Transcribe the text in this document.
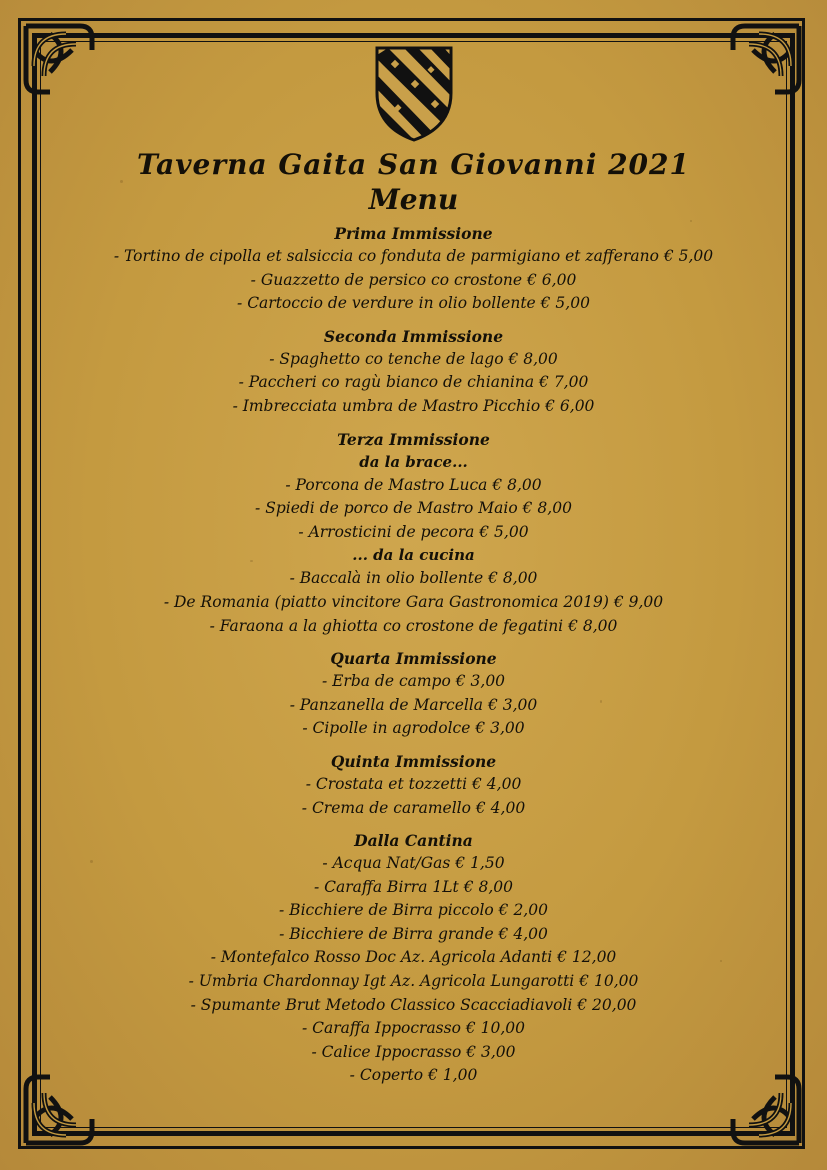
Taverna Gaita San Giovanni 2021
Menu
Prima Immissione
- Tortino de cipolla et salsiccia co fonduta de parmigiano et zafferano € 5,00
- Guazzetto de persico co crostone € 6,00
- Cartoccio de verdure in olio bollente € 5,00
Seconda Immissione
- Spaghetto co tenche de lago € 8,00
- Paccheri co ragù bianco de chianina € 7,00
- Imbrecciata umbra de Mastro Picchio € 6,00
Terza Immissione
da la brace...
- Porcona de Mastro Luca € 8,00
- Spiedi de porco de Mastro Maio € 8,00
- Arrosticini de pecora € 5,00
... da la cucina
- Baccalà in olio bollente € 8,00
- De Romania (piatto vincitore Gara Gastronomica 2019) € 9,00
- Faraona a la ghiotta co crostone de fegatini € 8,00
Quarta Immissione
- Erba de campo € 3,00
- Panzanella de Marcella € 3,00
- Cipolle in agrodolce € 3,00
Quinta Immissione
- Crostata et tozzetti € 4,00
- Crema de caramello € 4,00
Dalla Cantina
- Acqua Nat/Gas € 1,50
- Caraffa Birra 1Lt € 8,00
- Bicchiere de Birra piccolo € 2,00
- Bicchiere de Birra grande € 4,00
- Montefalco Rosso Doc Az. Agricola Adanti € 12,00
- Umbria Chardonnay Igt Az. Agricola Lungarotti € 10,00
- Spumante Brut Metodo Classico Scacciadiavoli € 20,00
- Caraffa Ippocrasso € 10,00
- Calice Ippocrasso € 3,00
- Coperto € 1,00
